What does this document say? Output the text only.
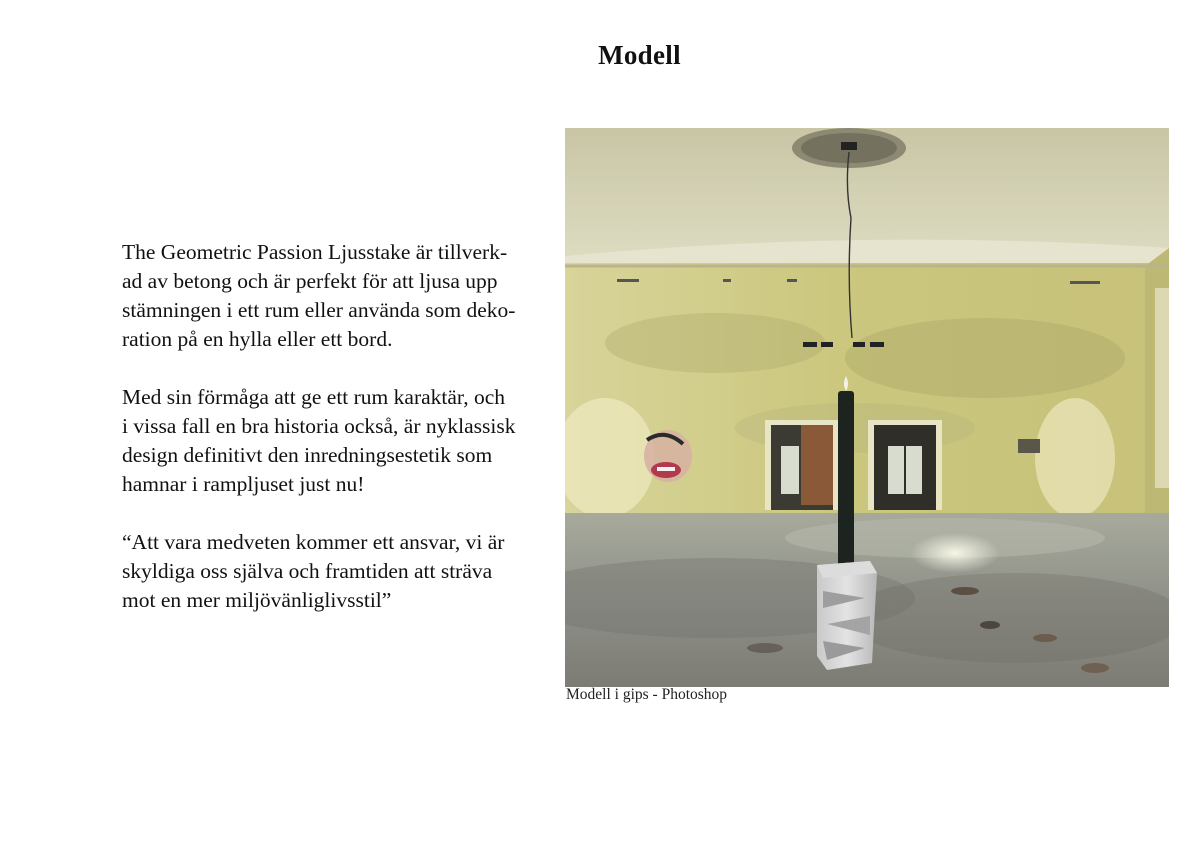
Modell

The Geometric Passion Ljusstake är tillverk-
ad av betong och är perfekt för att ljusa upp
stämningen i ett rum eller använda som deko-
ration på en hylla eller ett bord.

Med sin förmåga att ge ett rum karaktär, och
i vissa fall en bra historia också, är nyklassisk
design definitivt den inredningsestetik som
hamnar i rampljuset just nu!

“Att vara medveten kommer ett ansvar, vi är
skyldiga oss själva och framtiden att sträva
mot en mer miljövänliglivsstil”

Modell i gips - Photoshop
